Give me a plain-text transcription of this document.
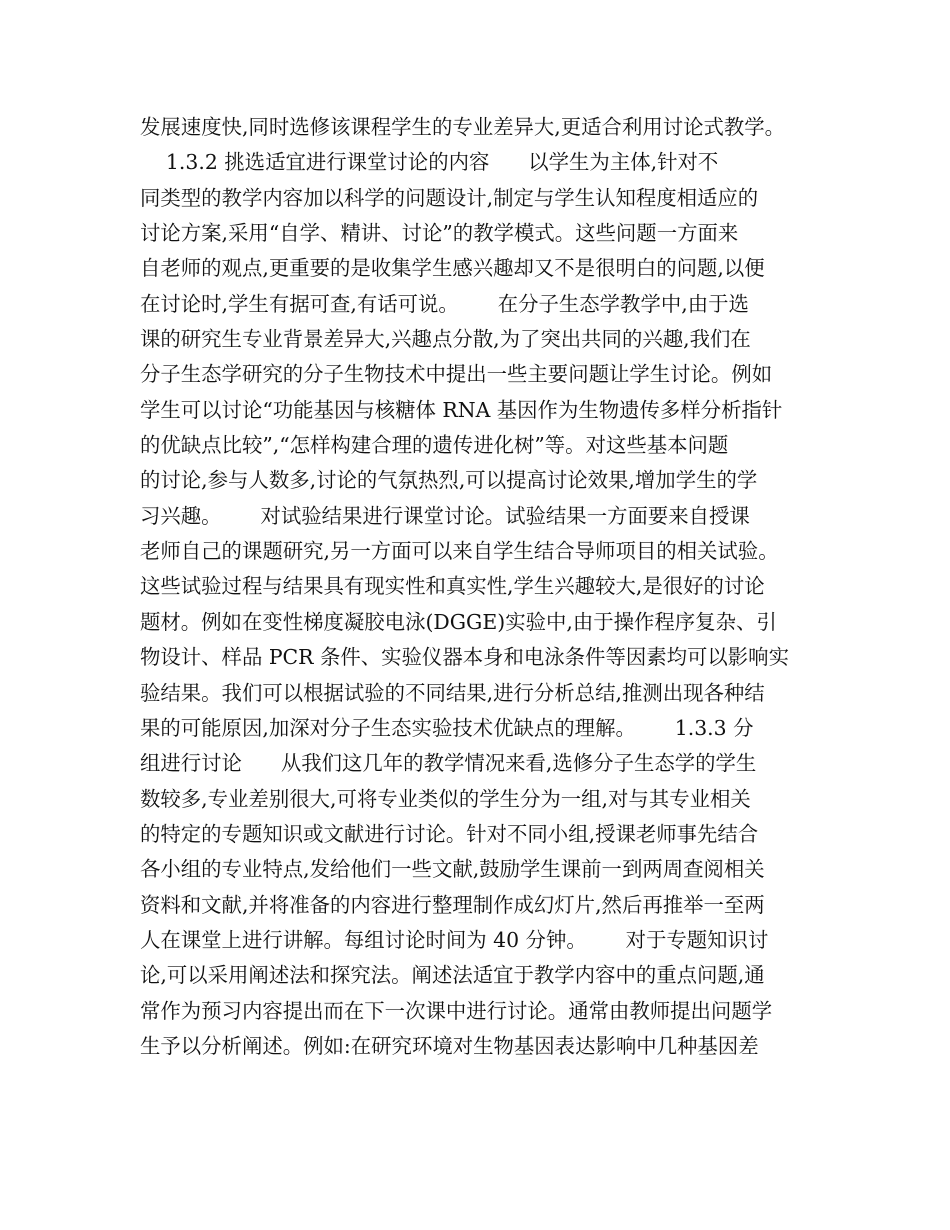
发展速度快,同时选修该课程学生的专业差异大,更适合利用讨论式教学。
1.3.2 挑选适宜进行课堂讨论的内容      以学生为主体,针对不
同类型的教学内容加以科学的问题设计,制定与学生认知程度相适应的
讨论方案,采用“自学、精讲、讨论”的教学模式。这些问题一方面来
自老师的观点,更重要的是收集学生感兴趣却又不是很明白的问题,以便
在讨论时,学生有据可查,有话可说。      在分子生态学教学中,由于选
课的研究生专业背景差异大,兴趣点分散,为了突出共同的兴趣,我们在
分子生态学研究的分子生物技术中提出一些主要问题让学生讨论。例如
学生可以讨论“功能基因与核糖体 RNA 基因作为生物遗传多样分析指针
的优缺点比较”,“怎样构建合理的遗传进化树”等。对这些基本问题
的讨论,参与人数多,讨论的气氛热烈,可以提高讨论效果,增加学生的学
习兴趣。      对试验结果进行课堂讨论。试验结果一方面要来自授课
老师自己的课题研究,另一方面可以来自学生结合导师项目的相关试验。
这些试验过程与结果具有现实性和真实性,学生兴趣较大,是很好的讨论
题材。例如在变性梯度凝胶电泳(DGGE)实验中,由于操作程序复杂、引
物设计、样品 PCR 条件、实验仪器本身和电泳条件等因素均可以影响实
验结果。我们可以根据试验的不同结果,进行分析总结,推测出现各种结
果的可能原因,加深对分子生态实验技术优缺点的理解。      1.3.3 分
组进行讨论      从我们这几年的教学情况来看,选修分子生态学的学生
数较多,专业差别很大,可将专业类似的学生分为一组,对与其专业相关
的特定的专题知识或文献进行讨论。针对不同小组,授课老师事先结合
各小组的专业特点,发给他们一些文献,鼓励学生课前一到两周查阅相关
资料和文献,并将准备的内容进行整理制作成幻灯片,然后再推举一至两
人在课堂上进行讲解。每组讨论时间为 40 分钟。      对于专题知识讨
论,可以采用阐述法和探究法。阐述法适宜于教学内容中的重点问题,通
常作为预习内容提出而在下一次课中进行讨论。通常由教师提出问题学
生予以分析阐述。例如:在研究环境对生物基因表达影响中几种基因差
